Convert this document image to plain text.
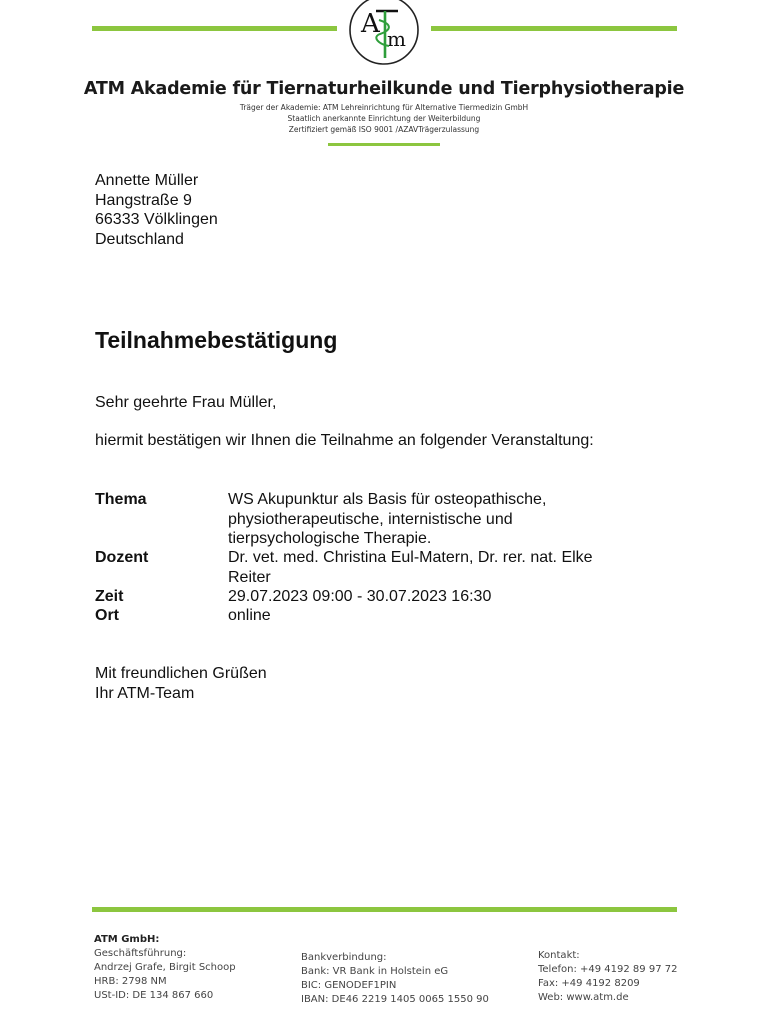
A m
ATM Akademie für Tiernaturheilkunde und Tierphysiotherapie
Träger der Akademie: ATM Lehreinrichtung für Alternative Tiermedizin GmbH
Staatlich anerkannte Einrichtung der Weiterbildung
Zertifiziert gemäß ISO 9001 /AZAVTrägerzulassung
Annette Müller
Hangstraße 9
66333 Völklingen
Deutschland
Teilnahmebestätigung
Sehr geehrte Frau Müller,
hiermit bestätigen wir Ihnen die Teilnahme an folgender Veranstaltung:
Thema	WS Akupunktur als Basis für osteopathische,
physiotherapeutische, internistische und
tierpsychologische Therapie.
Dozent	Dr. vet. med. Christina Eul-Matern, Dr. rer. nat. Elke
Reiter
Zeit	29.07.2023 09:00 - 30.07.2023 16:30
Ort	online
Mit freundlichen Grüßen
Ihr ATM-Team
ATM GmbH:
Geschäftsführung:
Andrzej Grafe, Birgit Schoop
HRB: 2798 NM
USt-ID: DE 134 867 660
Bankverbindung:
Bank: VR Bank in Holstein eG
BIC: GENODEF1PIN
IBAN: DE46 2219 1405 0065 1550 90
Kontakt:
Telefon: +49 4192 89 97 72
Fax: +49 4192 8209
Web: www.atm.de
